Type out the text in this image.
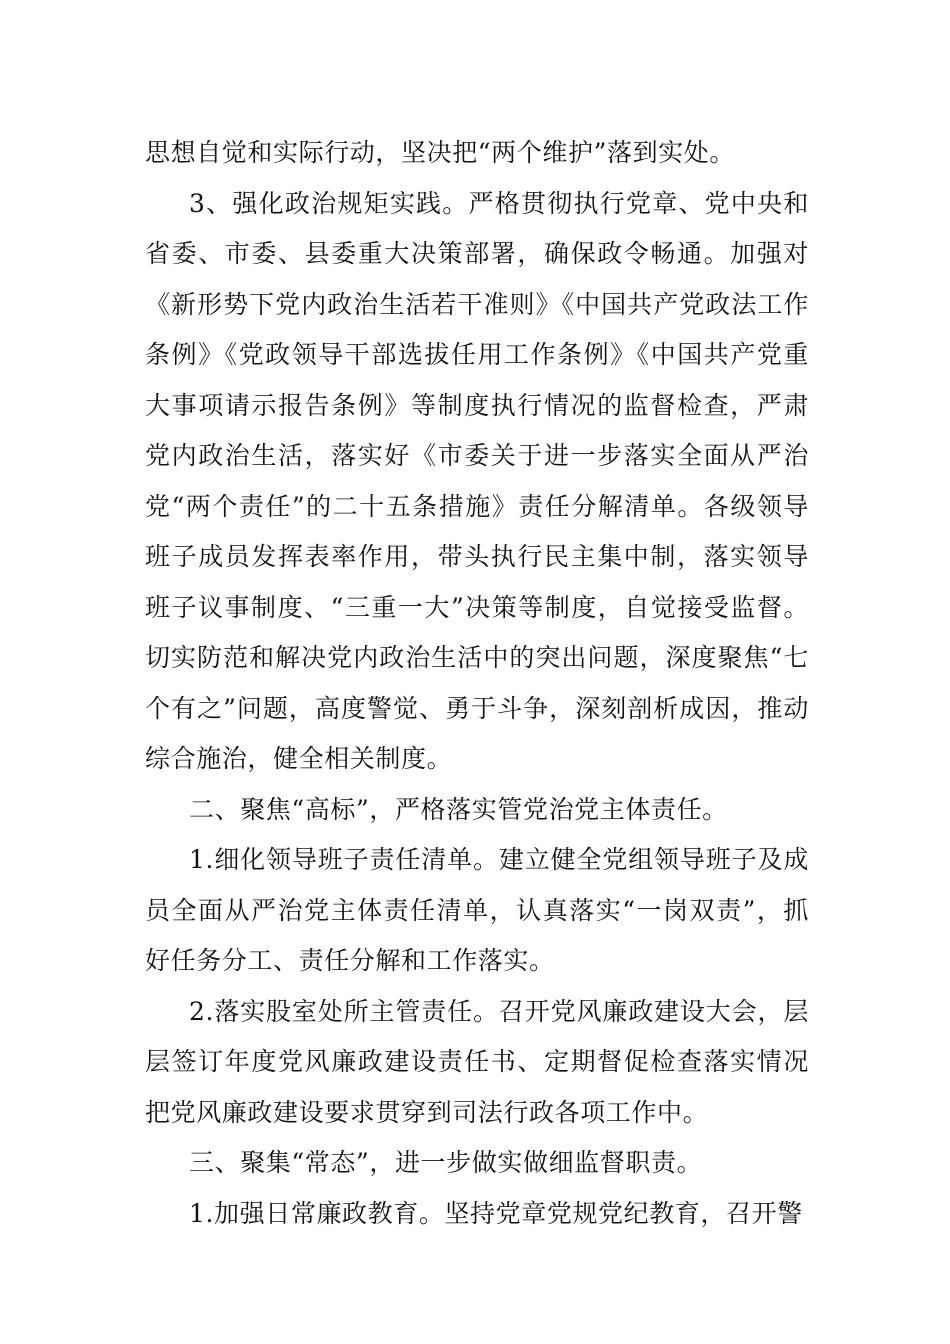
思想自觉和实际行动，坚决把“两个维护”落到实处。

3、强化政治规矩实践。严格贯彻执行党章、党中央和省委、市委、县委重大决策部署，确保政令畅通。加强对《新形势下党内政治生活若干准则》《中国共产党政法工作条例》《党政领导干部选拔任用工作条例》《中国共产党重大事项请示报告条例》等制度执行情况的监督检查，严肃党内政治生活，落实好《市委关于进一步落实全面从严治党“两个责任”的二十五条措施》责任分解清单。各级领导班子成员发挥表率作用，带头执行民主集中制，落实领导班子议事制度、“三重一大”决策等制度，自觉接受监督。切实防范和解决党内政治生活中的突出问题，深度聚焦“七个有之”问题，高度警觉、勇于斗争，深刻剖析成因，推动综合施治，健全相关制度。

二、聚焦“高标”，严格落实管党治党主体责任。

1.细化领导班子责任清单。建立健全党组领导班子及成员全面从严治党主体责任清单，认真落实“一岗双责”，抓好任务分工、责任分解和工作落实。

2.落实股室处所主管责任。召开党风廉政建设大会，层层签订年度党风廉政建设责任书、定期督促检查落实情况把党风廉政建设要求贯穿到司法行政各项工作中。

三、聚集“常态”，进一步做实做细监督职责。

1.加强日常廉政教育。坚持党章党规党纪教育，召开警
